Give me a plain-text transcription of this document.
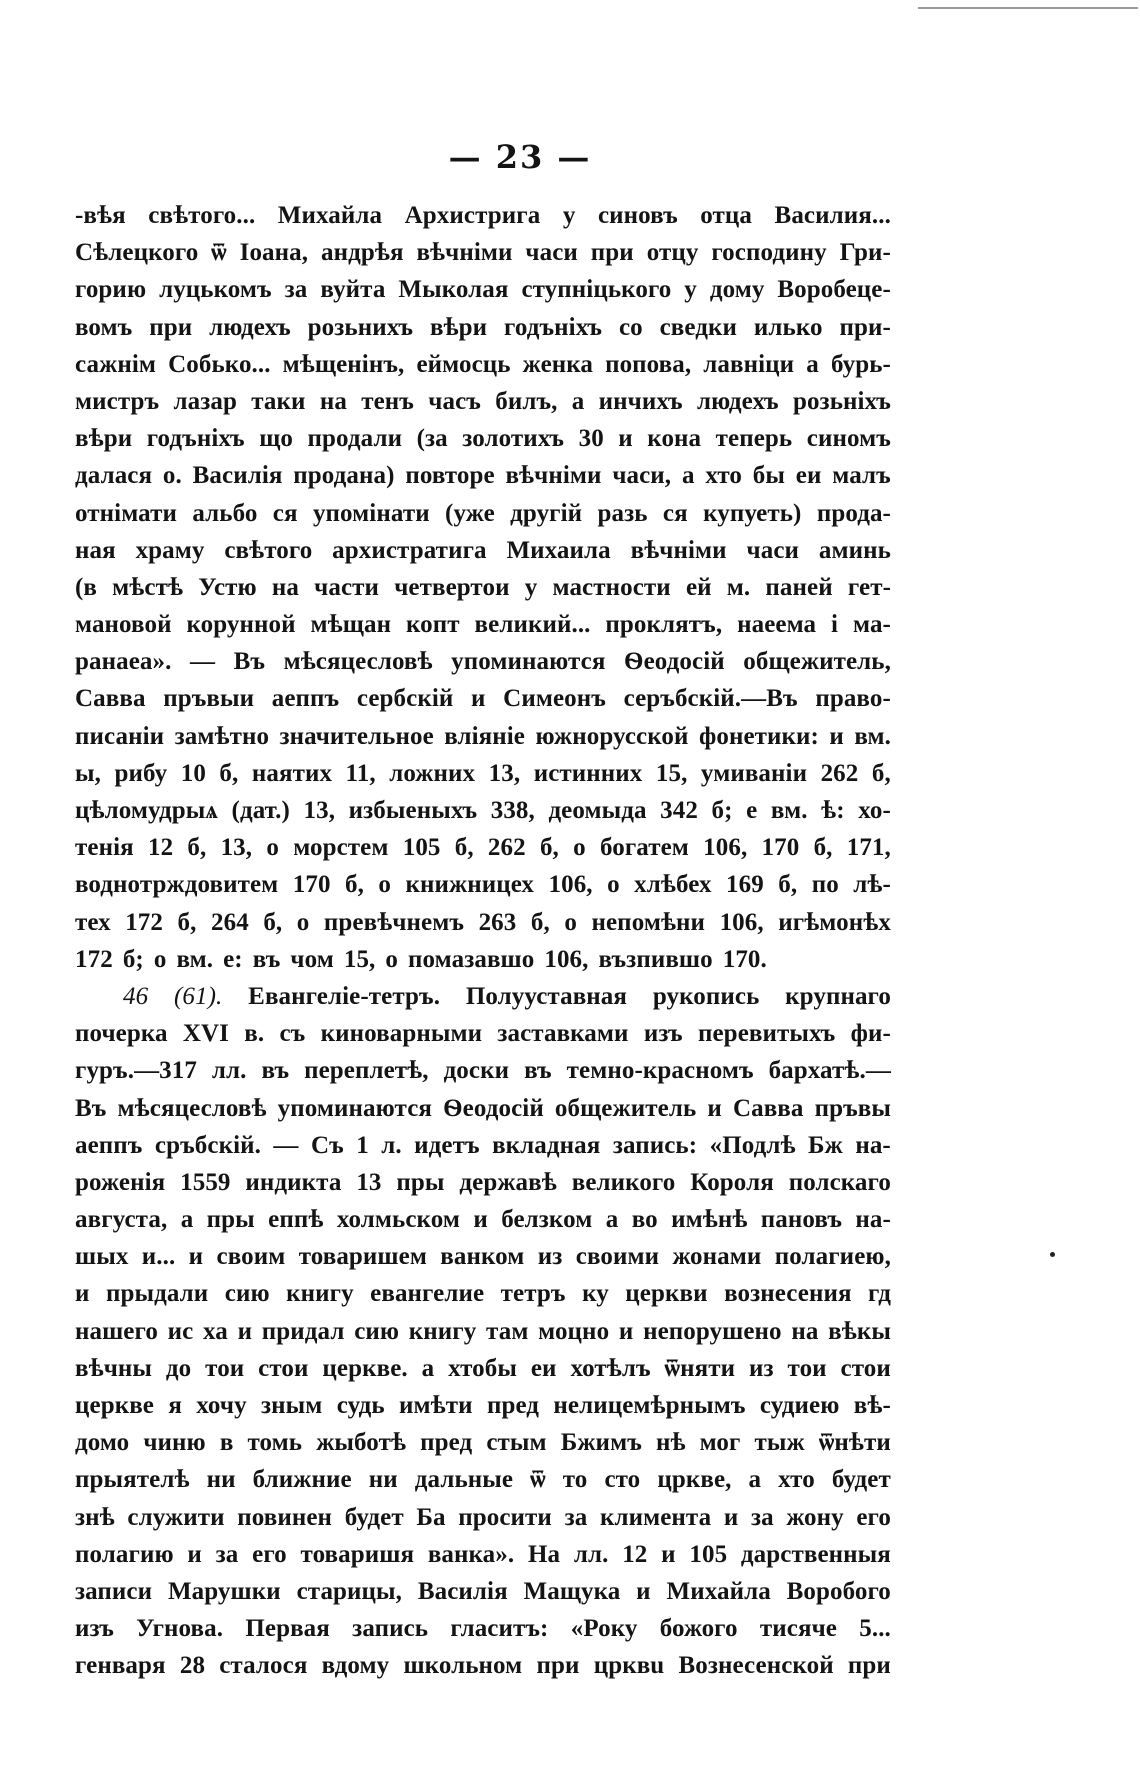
— 23 —
-вѣя свѣтого... Михайла Архистрига у синовъ отца Василия...
Сѣлецкого ѿ Іоана, андрѣя вѣчніми часи при отцу господину Гри-
горию луцькомъ за вуйта Мыколая ступніцького у дому Воробеце-
вомъ при людехъ розьнихъ вѣри годъніхъ со сведки илько при-
сажнім Собько... мѣщенінъ, еймосць женка попова, лавніци а бурь-
мистръ лазар таки на тенъ часъ билъ, а инчихъ людехъ розьніхъ
вѣри годъніхъ що продали (за золотихъ 30 и кона теперь синомъ
далася о. Василія продана) повторе вѣчніми часи, а хто бы еи малъ
отнімати альбо ся упомінати (уже другій разь ся купуеть) прода-
ная храму свѣтого архистратига Михаила вѣчніми часи аминь
(в мѣстѣ Устю на части четвертои у мастности ей м. паней гет-
мановой корунной мѣщан копт великий... проклятъ, наеема і ма-
ранаеа». — Въ мѣсяцесловѣ упоминаются Ѳеодосій общежитель,
Савва пръвыи аеппъ сербскій и Симеонъ серъбскій.—Въ право-
писаніи замѣтно значительное вліяніе южнорусской фонетики: и вм.
ы, рибу 10 б, наятих 11, ложних 13, истинних 15, умиваніи 262 б,
цѣломудрыѧ (дат.) 13, избыеныхъ 338, деомыда 342 б; е вм. ѣ: хо-
тенія 12 б, 13, о морстем 105 б, 262 б, о богатем 106, 170 б, 171,
воднотрждовитем 170 б, о книжницех 106, о хлѣбех 169 б, по лѣ-
тех 172 б, 264 б, о превѣчнемъ 263 б, о непомѣни 106, игѣмонѣх
172 б; о вм. е: въ чом 15, о помазавшо 106, възпившо 170.
46 (61). Евангеліе-тетръ. Полууставная рукопись крупнаго
почерка XVI в. съ киноварными заставками изъ перевитыхъ фи-
гуръ.—317 лл. въ переплетѣ, доски въ темно-красномъ бархатѣ.—
Въ мѣсяцесловѣ упоминаются Ѳеодосій общежитель и Савва пръвы
аеппъ сръбскій. — Съ 1 л. идетъ вкладная запись: «Подлѣ Бж на-
роженія 1559 индикта 13 пры державѣ великого Короля полскаго
августа, а пры еппѣ холмьском и белзком а во имѣнѣ пановъ на-
шых и... и своим товаришем ванком из своими жонами полагиею,
и прыдали сию книгу евангелие тетръ ку церкви вознесения гд
нашего ис ха и придал сию книгу там моцно и непорушено на вѣкы
вѣчны до тои стои церкве. а хтобы еи хотѣлъ ѿняти из тои стои
церкве я хочу зным судь имѣти пред нелицемѣрнымъ судиею вѣ-
домо чиню в томь жыботѣ пред стым Бжимъ нѣ мог тыж ѿнѣти
прыятелѣ ни ближние ни дальные ѿ то сто црквe, а хто будет
знѣ служити повинен будет Ба просити за климента и за жону его
полагию и за его товаришя ванка». На лл. 12 и 105 дарственныя
записи Марушки старицы, Василія Мащука и Михайла Воробого
изъ Угнова. Первая запись гласитъ: «Року божого тисяче 5...
генваря 28 сталося вдому школьном при црквu Вознесенской при
